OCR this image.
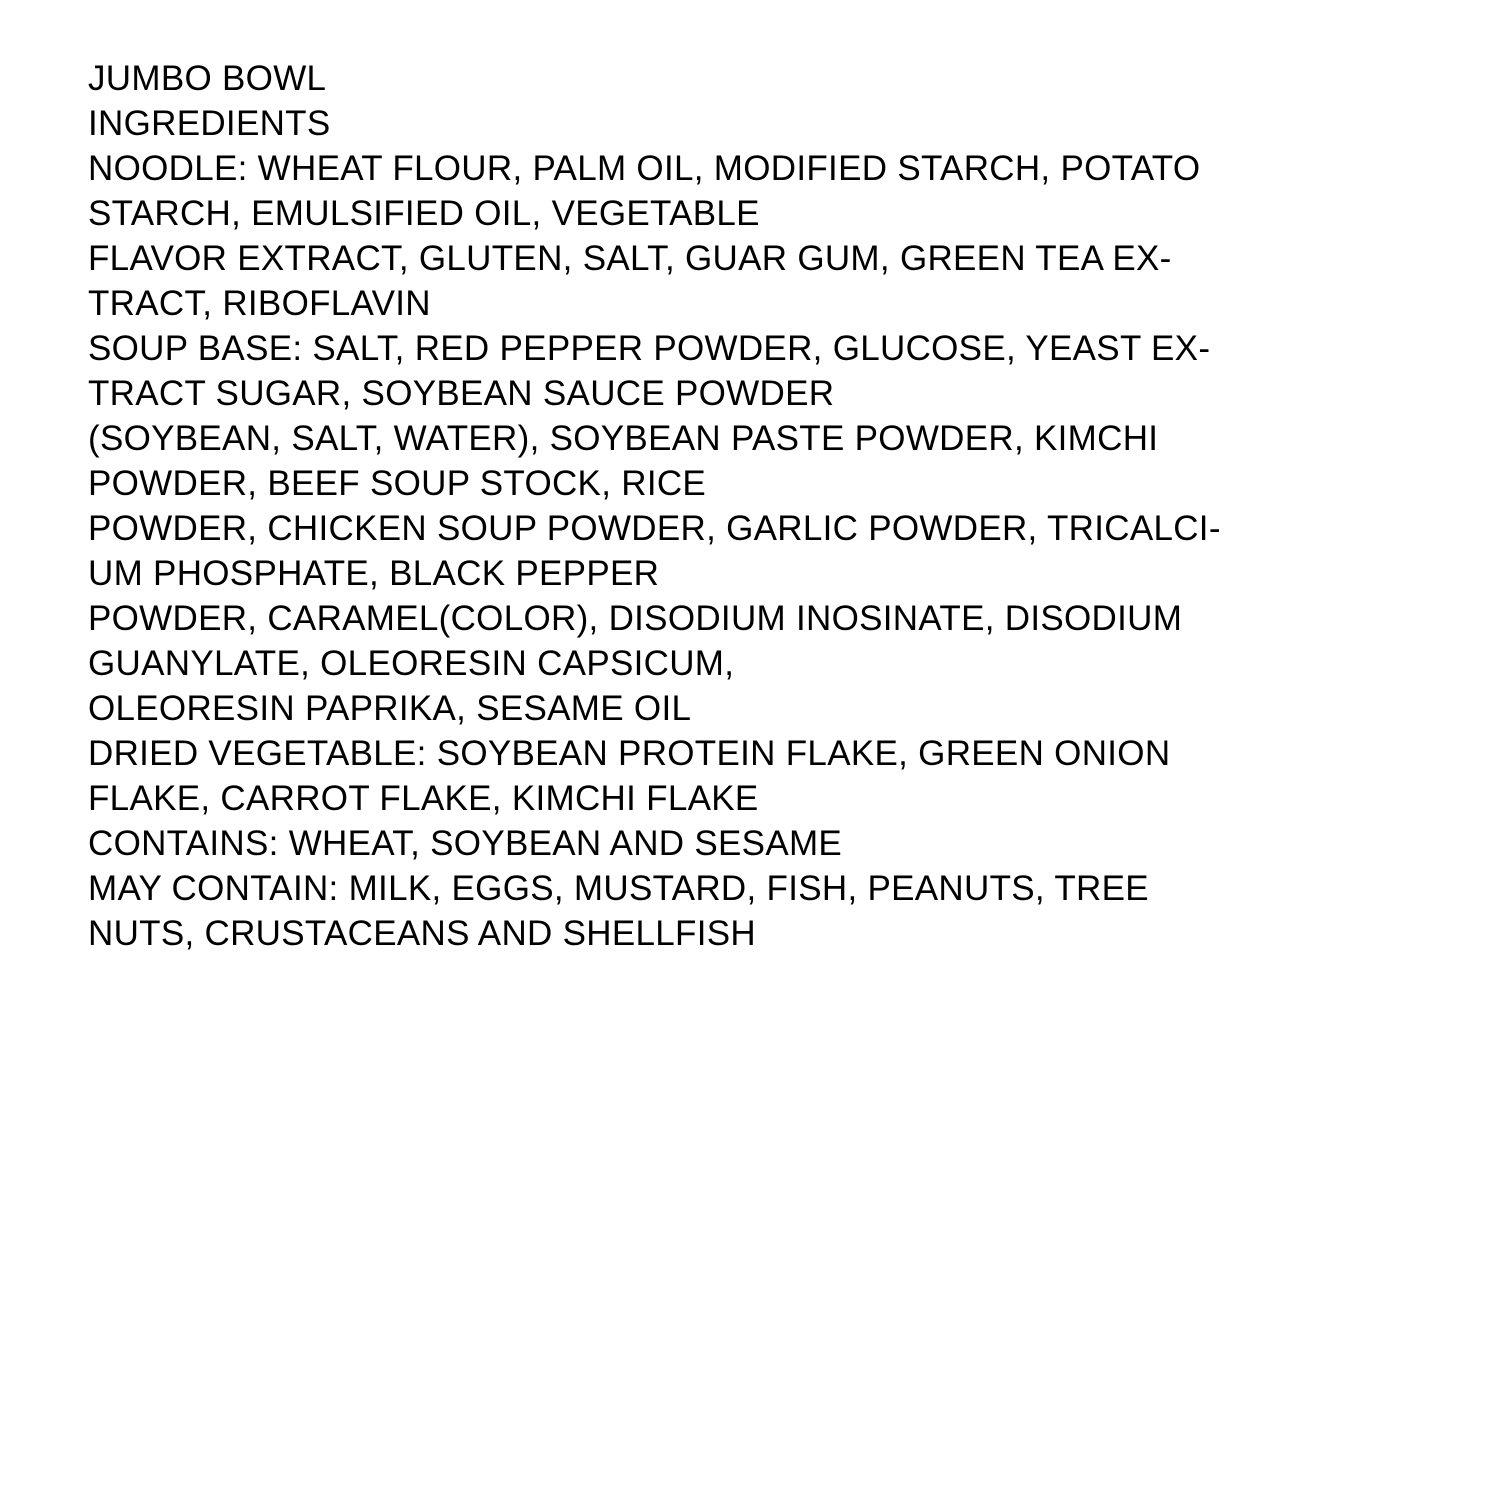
JUMBO BOWL
INGREDIENTS
NOODLE: WHEAT FLOUR, PALM OIL, MODIFIED STARCH, POTATO
STARCH, EMULSIFIED OIL, VEGETABLE
FLAVOR EXTRACT, GLUTEN, SALT, GUAR GUM, GREEN TEA EX-
TRACT, RIBOFLAVIN
SOUP BASE: SALT, RED PEPPER POWDER, GLUCOSE, YEAST EX-
TRACT SUGAR, SOYBEAN SAUCE POWDER
(SOYBEAN, SALT, WATER), SOYBEAN PASTE POWDER, KIMCHI
POWDER, BEEF SOUP STOCK, RICE
POWDER, CHICKEN SOUP POWDER, GARLIC POWDER, TRICALCI-
UM PHOSPHATE, BLACK PEPPER
POWDER, CARAMEL(COLOR), DISODIUM INOSINATE, DISODIUM
GUANYLATE, OLEORESIN CAPSICUM,
OLEORESIN PAPRIKA, SESAME OIL
DRIED VEGETABLE: SOYBEAN PROTEIN FLAKE, GREEN ONION
FLAKE, CARROT FLAKE, KIMCHI FLAKE
CONTAINS: WHEAT, SOYBEAN AND SESAME
MAY CONTAIN: MILK, EGGS, MUSTARD, FISH, PEANUTS, TREE
NUTS, CRUSTACEANS AND SHELLFISH
